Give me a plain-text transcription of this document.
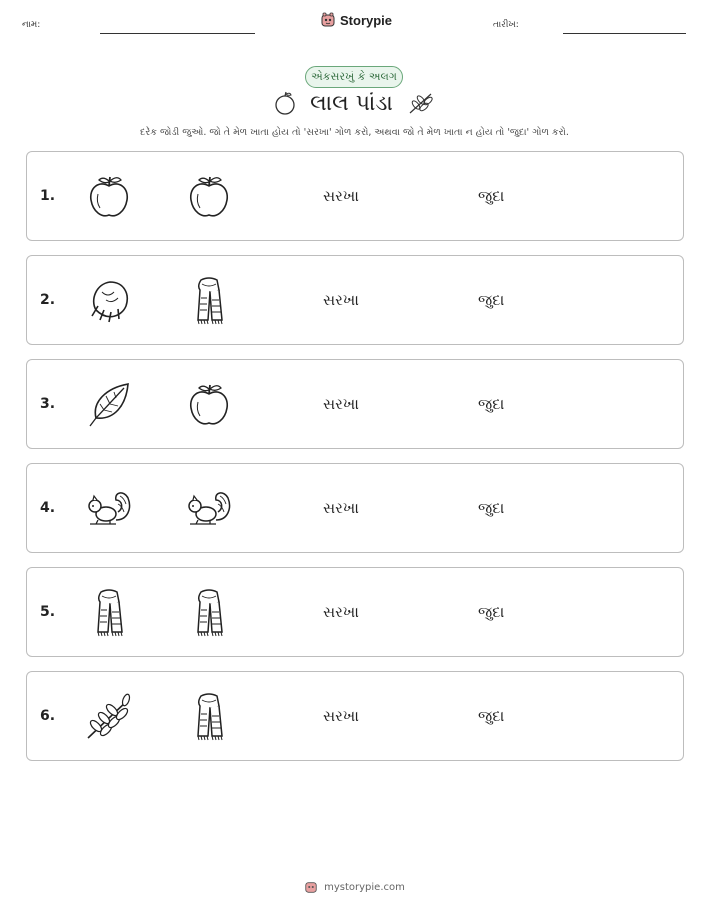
નામ:	Storypie	તારીખ:
એકસરખું કે અલગ
લાલ પાંડા
દરેક જોડી જુઓ. જો તે મેળ ખાતા હોય તો 'સરખા' ગોળ કરો, અથવા જો તે મેળ ખાતા ન હોય તો 'જુદા' ગોળ કરો.
1.	સરખા	જુદા
2.	સરખા	જુદા
3.	સરખા	જુદા
4.	સરખા	જુદા
5.	સરખા	જુદા
6.	સરખા	જુદા
mystorypie.com
